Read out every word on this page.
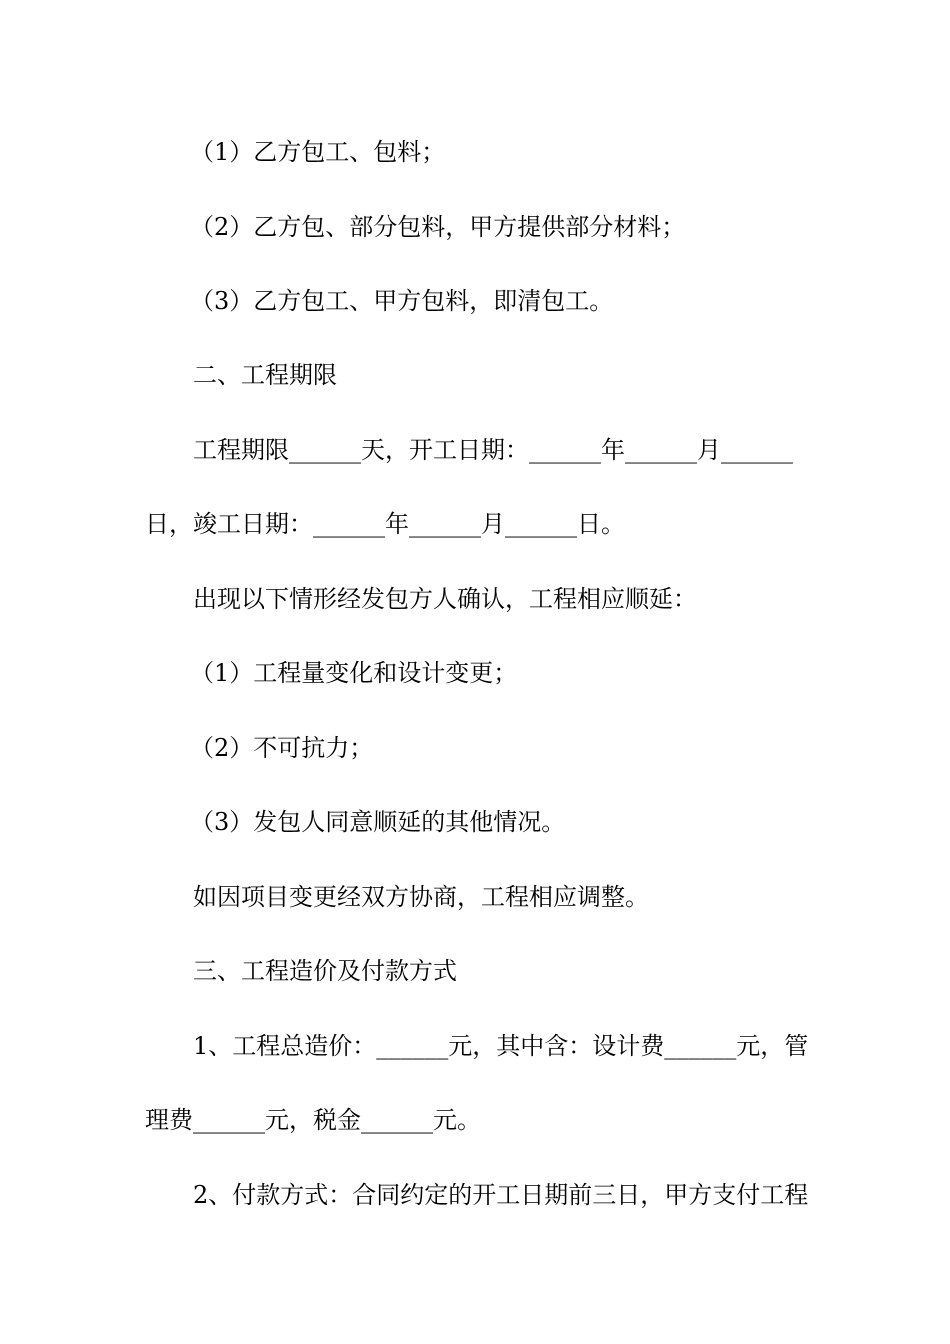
（1）乙方包工、包料；
（2）乙方包、部分包料，甲方提供部分材料；
（3）乙方包工、甲方包料，即清包工。
二、工程期限
工程期限______天，开工日期：______年______月______
日，竣工日期：______年______月______日。
出现以下情形经发包方人确认，工程相应顺延：
（1）工程量变化和设计变更；
（2）不可抗力；
（3）发包人同意顺延的其他情况。
如因项目变更经双方协商，工程相应调整。
三、工程造价及付款方式
1、工程总造价：______元，其中含：设计费______元，管
理费______元，税金______元。
2、付款方式：合同约定的开工日期前三日，甲方支付工程
